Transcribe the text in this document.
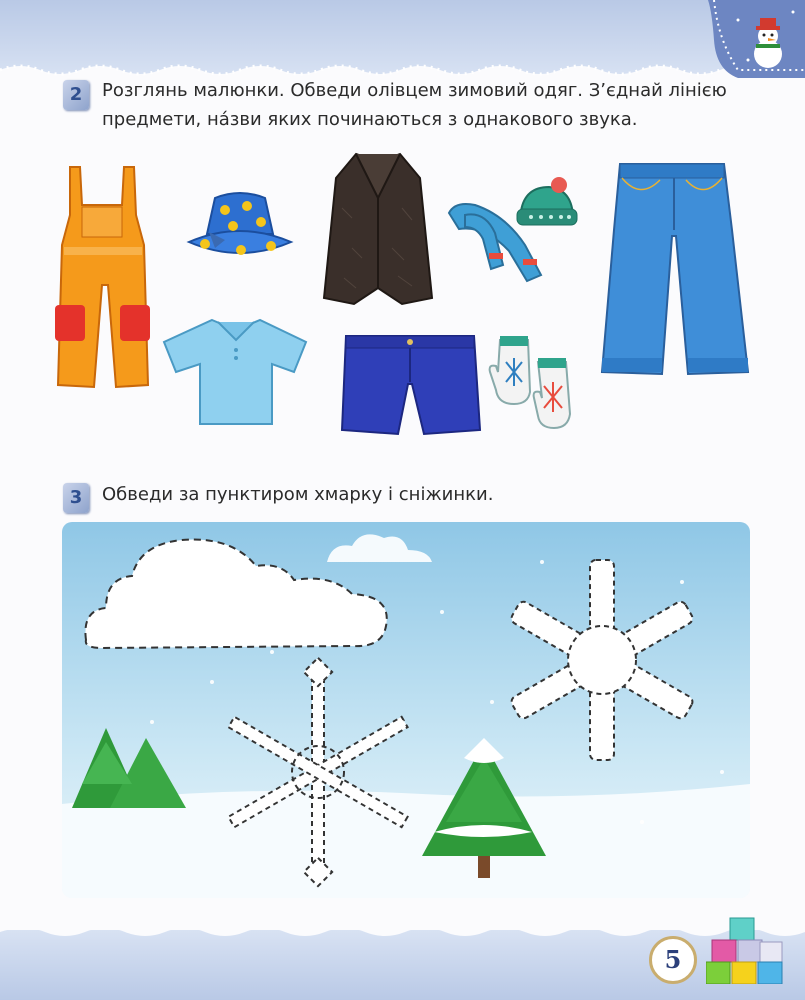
2	Розглянь малюнки. Обведи олівцем зимовий одяг. З’єднай лінією
предмети, на́зви яких починаються з однакового звука.
3	Обведи за пунктиром хмарку і сніжинки.
5
